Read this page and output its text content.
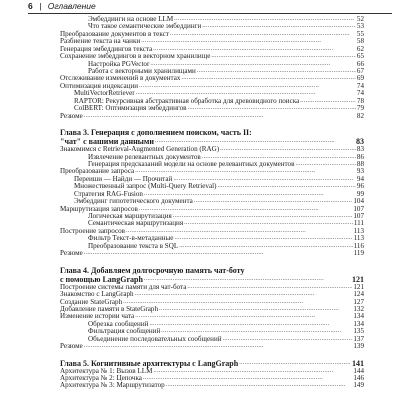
6 | Оглавление
Эмбеддинги на основе LLM . . .	52
Что такое семантические эмбеддинги . . .	53
Преобразование документов в текст . . .	55
Разбиение текста на чанки . . .	58
Генерация эмбеддингов текста . . .	62
Сохранение эмбеддингов в векторном хранилище . . .	65
Настройка PGVector . . .	66
Работа с векторными хранилищами . . .	67
Отслеживание изменений в документах . . .	69
Оптимизация индексации . . .	74
MultiVectorRetriever . . .	74
RAPTOR: Рекурсивная абстрактивная обработка для древовидного поиска . . .	78
ColBERT: Оптимизация эмбеддингов . . .	79
Резюме . . .	82
Глава 3. Генерация с дополнением поиском, часть II:
"чат" с вашими данными . . .	83
Знакомимся с Retrieval-Augmented Generation (RAG) . . .	83
Извлечение релевантных документов . . .	86
Генерация предсказаний модели на основе релевантных документов . . .	88
Преобразование запроса . . .	93
Переиши — Найди — Прочитай . . .	94
Множественный запрос (Multi-Query Retrieval) . . .	96
Стратегия RAG-Fusion . . .	99
Эмбеддинг гипотетического документа . . .	104
Маршрутизация запросов . . .	107
Логическая маршрутизация . . .	107
Семантическая маршрутизация . . .	111
Построение запросов . . .	113
Фильтр Текст-в-метаданные . . .	113
Преобразование текста в SQL . . .	116
Резюме . . .	119
Глава 4. Добавляем долгосрочную память чат-боту
с помощью LangGraph . . .	121
Построение системы памяти для чат-бота . . .	121
Знакомство с LangGraph . . .	124
Создание StateGraph . . .	127
Добавление памяти в StateGraph . . .	132
Изменение истории чата . . .	134
Обрезка сообщений . . .	134
Фильтрация сообщений . . .	135
Объединение последовательных сообщений . . .	137
Резюме . . .	139
Глава 5. Когнитивные архитектуры с LangGraph . . .	141
Архитектура № 1: Вызов LLM . . .	144
Архитектура № 2: Цепочка . . .	146
Архитектура № 3: Маршрутизатор . . .	149
